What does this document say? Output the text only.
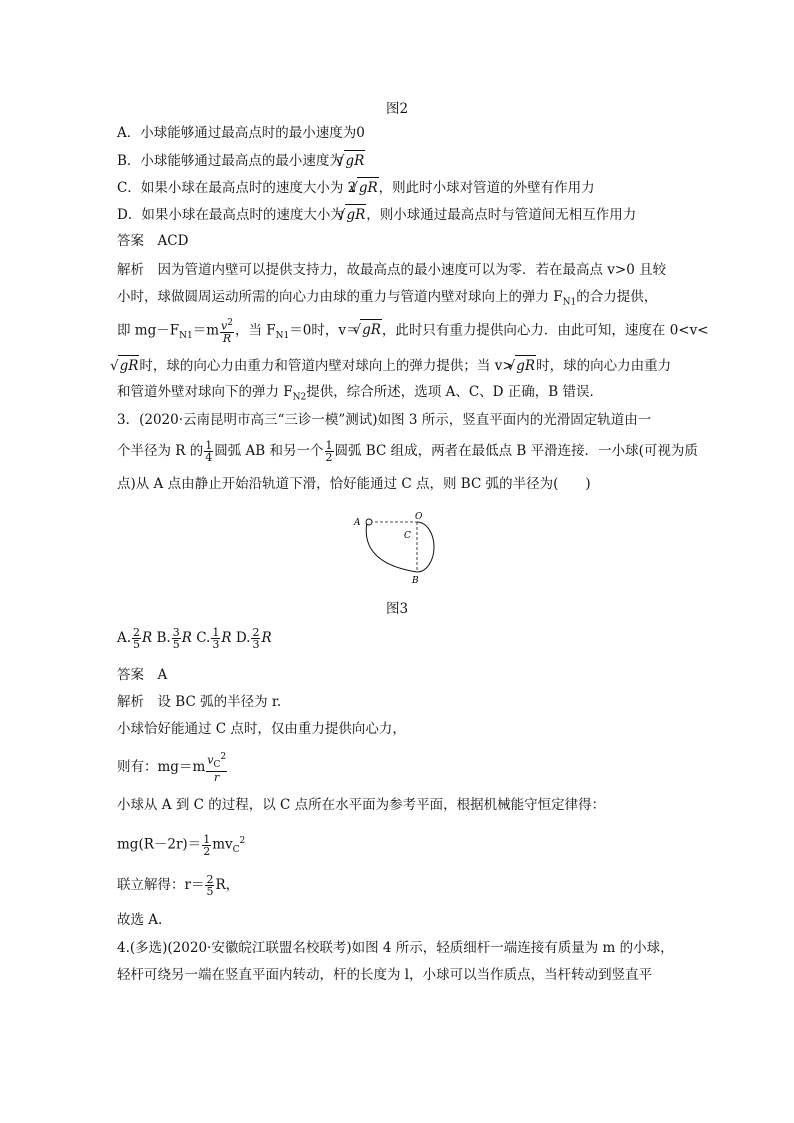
图2
A．小球能够通过最高点时的最小速度为0
B．小球能够通过最高点的最小速度为 √ gR
C．如果小球在最高点时的速度大小为 2 √ gR，则此时小球对管道的外壁有作用力
D．如果小球在最高点时的速度大小为 √ gR，则小球通过最高点时与管道间无相互作用力
答案　ACD
解析　因为管道内壁可以提供支持力，故最高点的最小速度可以为零．若在最高点 v>0 且较
小时，球做圆周运动所需的向心力由球的重力与管道内壁对球向上的弹力 $F_{N1}$的合力提供，
即 $mg-F_{N1}=m \frac{v^2}{R}$ ，当 $F_{N1}=0$时，v＝ √ gR，此时只有重力提供向心力．由此可知，速度在 0<v<
√ gR时，球的向心力由重力和管道内壁对球向上的弹力提供；当 v> √ gR时，球的向心力由重力
和管道外壁对球向下的弹力 $F_{N2}$提供，综合所述，选项 A、C、D 正确，B 错误．
3．(2020·云南昆明市高三“三诊一模”测试)如图 3 所示，竖直平面内的光滑固定轨道由一
个半径为 R 的 $\frac{1}{4}$ 圆弧 AB 和另一个 $\frac{1}{2}$ 圆弧 BC 组成，两者在最低点 B 平滑连接．一小球(可视为质
点)从 A 点由静止开始沿轨道下滑，恰好能通过 C 点，则 BC 弧的半径为(　　)
A
O
C
B
图3
A. $\frac{2}{5}$ R B. $\frac{3}{5}$ R C. $\frac{1}{3}$ R D. $\frac{2}{3}$ R
答案　A
解析　设 BC 弧的半径为 r.
小球恰好能通过 C 点时，仅由重力提供向心力，
则有：$mg=m \frac{v_C^2}{r}$
小球从 A 到 C 的过程，以 C 点所在水平面为参考平面，根据机械能守恒定律得：
$mg(R-2r)= \frac{1}{2} mv_C^2$
联立解得：$r= \frac{2}{5}$ R，
故选 A.
4.(多选)(2020·安徽皖江联盟名校联考)如图 4 所示，轻质细杆一端连接有质量为 m 的小球，
轻杆可绕另一端在竖直平面内转动，杆的长度为 l，小球可以当作质点，当杆转动到竖直平
